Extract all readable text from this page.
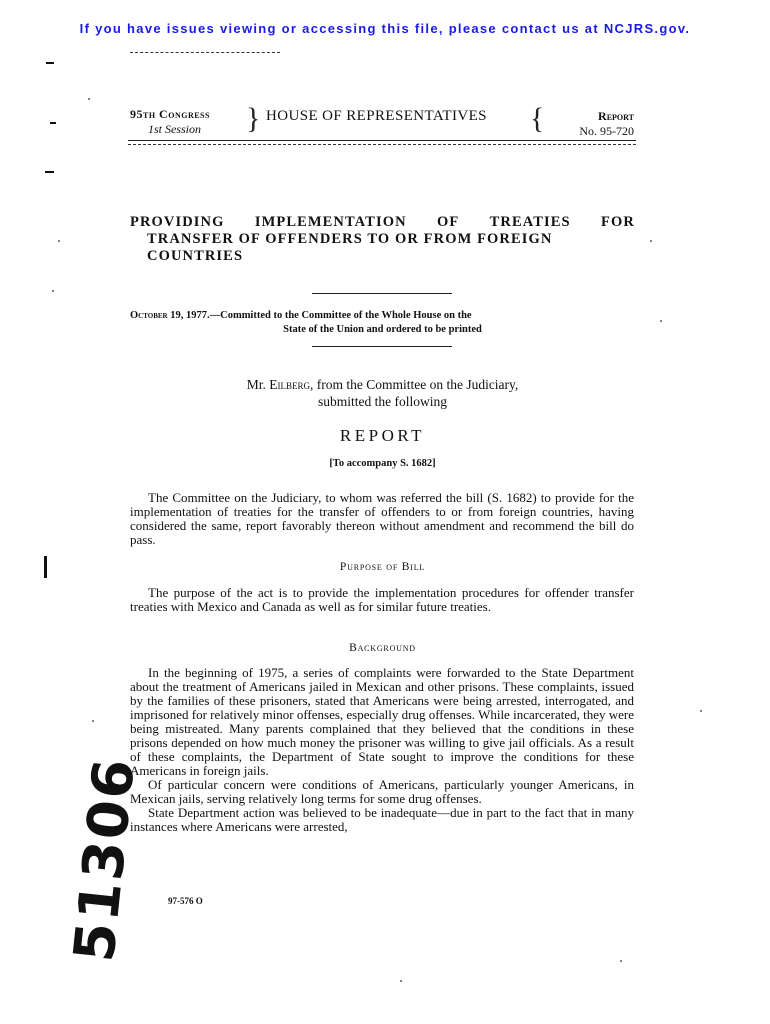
If you have issues viewing or accessing this file, please contact us at NCJRS.gov.
95th Congress
1st Session } HOUSE OF REPRESENTATIVES {	Report
No. 95-720
PROVIDING IMPLEMENTATION OF TREATIES FOR
TRANSFER OF OFFENDERS TO OR FROM FOREIGN
COUNTRIES
October 19, 1977.—Committed to the Committee of the Whole House on the
State of the Union and ordered to be printed
Mr. Eilberg, from the Committee on the Judiciary,
submitted the following
REPORT
[To accompany S. 1682]

The Committee on the Judiciary, to whom was referred the bill (S. 1682) to provide for the implementation of treaties for the transfer of offenders to or from foreign countries, having considered the same, report favorably thereon without amendment and recommend the bill do pass.

Purpose of Bill

The purpose of the act is to provide the implementation procedures for offender transfer treaties with Mexico and Canada as well as for similar future treaties.

Background

In the beginning of 1975, a series of complaints were forwarded to the State Department about the treatment of Americans jailed in Mexican and other prisons. These complaints, issued by the families of these prisoners, stated that Americans were being arrested, interrogated, and imprisoned for relatively minor offenses, especially drug offenses. While incarcerated, they were being mistreated. Many parents complained that they believed that the conditions in these prisons depended on how much money the prisoner was willing to give jail officials. As a result of these complaints, the Department of State sought to improve the conditions for these Americans in foreign jails.

Of particular concern were conditions of Americans, particularly younger Americans, in Mexican jails, serving relatively long terms for some drug offenses.

State Department action was believed to be inadequate—due in part to the fact that in many instances where Americans were arrested,

97-576 O
51306
